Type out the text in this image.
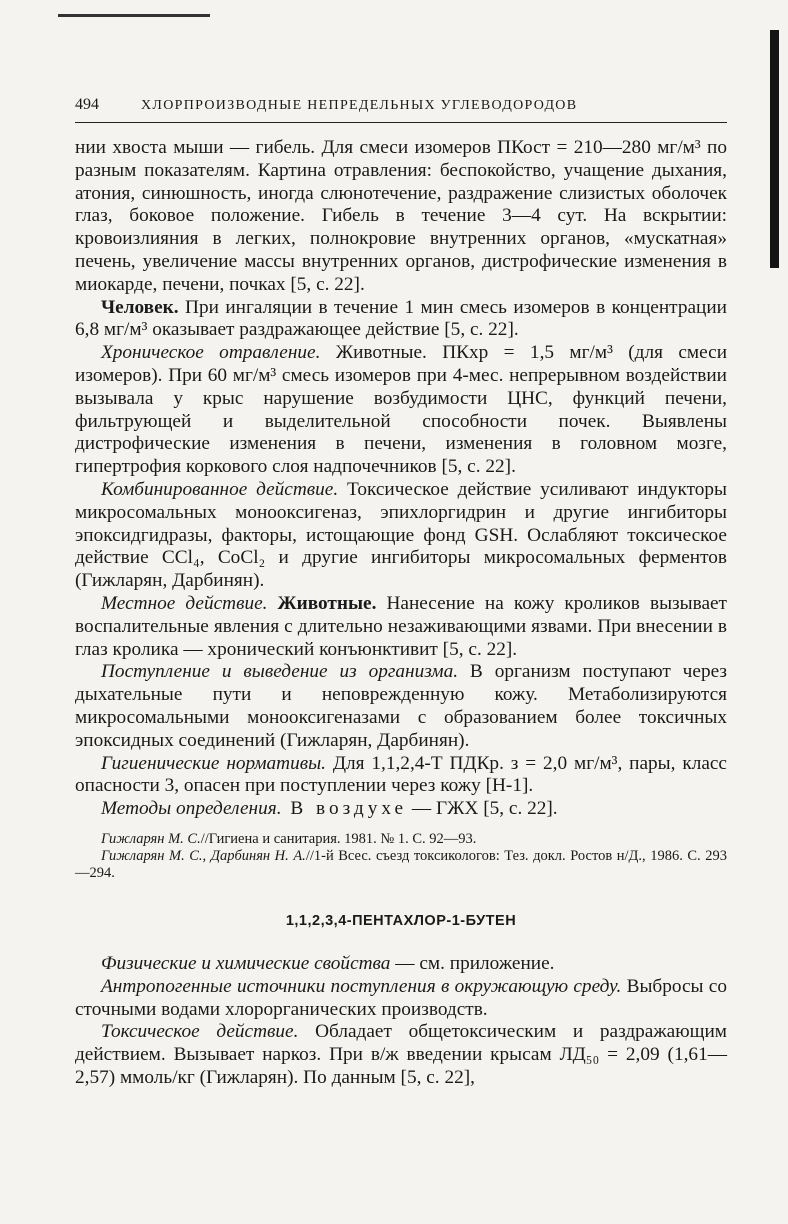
494	ХЛОРПРОИЗВОДНЫЕ НЕПРЕДЕЛЬНЫХ УГЛЕВОДОРОДОВ

нии хвоста мыши — гибель. Для смеси изомеров ПКост = 210—280 мг/м³ по разным показателям. Картина отравления: беспокойство, учащение дыхания, атония, синюшность, иногда слюнотечение, раздражение слизистых оболочек глаз, боковое положение. Гибель в течение 3—4 сут. На вскрытии: кровоизлияния в легких, полнокровие внутренних органов, «мускатная» печень, увеличение массы внутренних органов, дистрофические изменения в миокарде, печени, почках [5, с. 22].

Человек. При ингаляции в течение 1 мин смесь изомеров в концентрации 6,8 мг/м³ оказывает раздражающее действие [5, с. 22].

Хроническое отравление. Животные. ПКхр = 1,5 мг/м³ (для смеси изомеров). При 60 мг/м³ смесь изомеров при 4-мес. непрерывном воздействии вызывала у крыс нарушение возбудимости ЦНС, функций печени, фильтрующей и выделительной способности почек. Выявлены дистрофические изменения в печени, изменения в головном мозге, гипертрофия коркового слоя надпочечников [5, с. 22].

Комбинированное действие. Токсическое действие усиливают индукторы микросомальных монооксигеназ, эпихлоргидрин и другие ингибиторы эпоксидгидразы, факторы, истощающие фонд GSH. Ослабляют токсическое действие CCl₄, CoCl₂ и другие ингибиторы микросомальных ферментов (Гижларян, Дарбинян).

Местное действие. Животные. Нанесение на кожу кроликов вызывает воспалительные явления с длительно незаживающими язвами. При внесении в глаз кролика — хронический конъюнктивит [5, с. 22].

Поступление и выведение из организма. В организм поступают через дыхательные пути и неповрежденную кожу. Метаболизируются микросомальными монооксигеназами с образованием более токсичных эпоксидных соединений (Гижларян, Дарбинян).

Гигиенические нормативы. Для 1,1,2,4-Т ПДКр. з = 2,0 мг/м³, пары, класс опасности 3, опасен при поступлении через кожу [Н-1].

Методы определения. В воздухе — ГЖХ [5, с. 22].

Гижларян М. С.//Гигиена и санитария. 1981. № 1. С. 92—93.

Гижларян М. С., Дарбинян Н. А.//1-й Всес. съезд токсикологов: Тез. докл. Ростов н/Д., 1986. С. 293—294.

1,1,2,3,4-ПЕНТАХЛОР-1-БУТЕН

Физические и химические свойства — см. приложение.

Антропогенные источники поступления в окружающую среду. Выбросы со сточными водами хлорорганических производств.

Токсическое действие. Обладает общетоксическим и раздражающим действием. Вызывает наркоз. При в/ж введении крысам ЛД₅₀ = 2,09 (1,61—2,57) ммоль/кг (Гижларян). По данным [5, с. 22],
